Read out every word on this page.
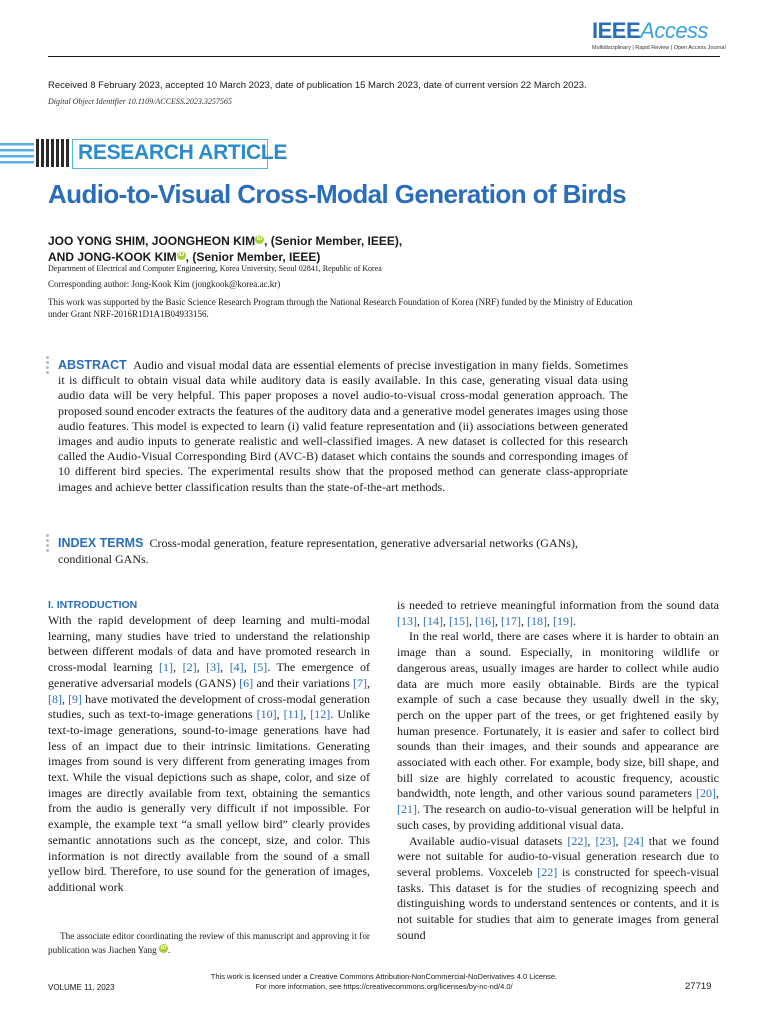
IEEEAccess
Multidisciplinary | Rapid Review | Open Access Journal
Received 8 February 2023, accepted 10 March 2023, date of publication 15 March 2023, date of current version 22 March 2023.
Digital Object Identifier 10.1109/ACCESS.2023.3257565
RESEARCH ARTICLE
Audio-to-Visual Cross-Modal Generation of Birds
JOO YONG SHIM, JOONGHEON KIM iD , (Senior Member, IEEE),
AND JONG-KOOK KIM iD , (Senior Member, IEEE)
Department of Electrical and Computer Engineering, Korea University, Seoul 02841, Republic of Korea
Corresponding author: Jong-Kook Kim (jongkook@korea.ac.kr)
This work was supported by the Basic Science Research Program through the National Research Foundation of Korea (NRF) funded by the Ministry of Education under Grant NRF-2016R1D1A1B04933156.
ABSTRACT Audio and visual modal data are essential elements of precise investigation in many fields. Sometimes it is difficult to obtain visual data while auditory data is easily available. In this case, generating visual data using audio data will be very helpful. This paper proposes a novel audio-to-visual cross-modal generation approach. The proposed sound encoder extracts the features of the auditory data and a generative model generates images using those audio features. This model is expected to learn (i) valid feature representation and (ii) associations between generated images and audio inputs to generate realistic and well-classified images. A new dataset is collected for this research called the Audio-Visual Corresponding Bird (AVC-B) dataset which contains the sounds and corresponding images of 10 different bird species. The experimental results show that the proposed method can generate class-appropriate images and achieve better classification results than the state-of-the-art methods.
INDEX TERMS Cross-modal generation, feature representation, generative adversarial networks (GANs), conditional GANs.
I. INTRODUCTION

With the rapid development of deep learning and multi-modal learning, many studies have tried to understand the relationship between different modals of data and have promoted research in cross-modal learning [1], [2], [3], [4], [5]. The emergence of generative adversarial models (GANS) [6] and their variations [7], [8], [9] have motivated the development of cross-modal generation studies, such as text-to-image generations [10], [11], [12]. Unlike text-to-image generations, sound-to-image generations have had less of an impact due to their intrinsic limitations. Generating images from sound is very different from generating images from text. While the visual depictions such as shape, color, and size of images are directly available from text, obtaining the semantics from the audio is generally very difficult if not impossible. For example, the example text “a small yellow bird” clearly provides semantic annotations such as the concept, size, and color. This information is not directly available from the sound of a small yellow bird. Therefore, to use sound for the generation of images, additional work

is needed to retrieve meaningful information from the sound data [13], [14], [15], [16], [17], [18], [19].

In the real world, there are cases where it is harder to obtain an image than a sound. Especially, in monitoring wildlife or dangerous areas, usually images are harder to collect while audio data are much more easily obtainable. Birds are the typical example of such a case because they usually dwell in the sky, perch on the upper part of the trees, or get frightened easily by human presence. Fortunately, it is easier and safer to collect bird sounds than their images, and their sounds and appearance are associated with each other. For example, body size, bill shape, and bill size are highly correlated to acoustic frequency, acoustic bandwidth, note length, and other various sound parameters [20], [21]. The research on audio-to-visual generation will be helpful in such cases, by providing additional visual data.

Available audio-visual datasets [22], [23], [24] that we found were not suitable for audio-to-visual generation research due to several problems. Voxceleb [22] is constructed for speech-visual tasks. This dataset is for the studies of recognizing speech and distinguishing words to understand sentences or contents, and it is not suitable for studies that aim to generate images from general sound

The associate editor coordinating the review of this manuscript and approving it for publication was Jiachen Yang iD .
This work is licensed under a Creative Commons Attribution-NonCommercial-NoDerivatives 4.0 License.
For more information, see https://creativecommons.org/licenses/by-nc-nd/4.0/
VOLUME 11, 2023	27719
